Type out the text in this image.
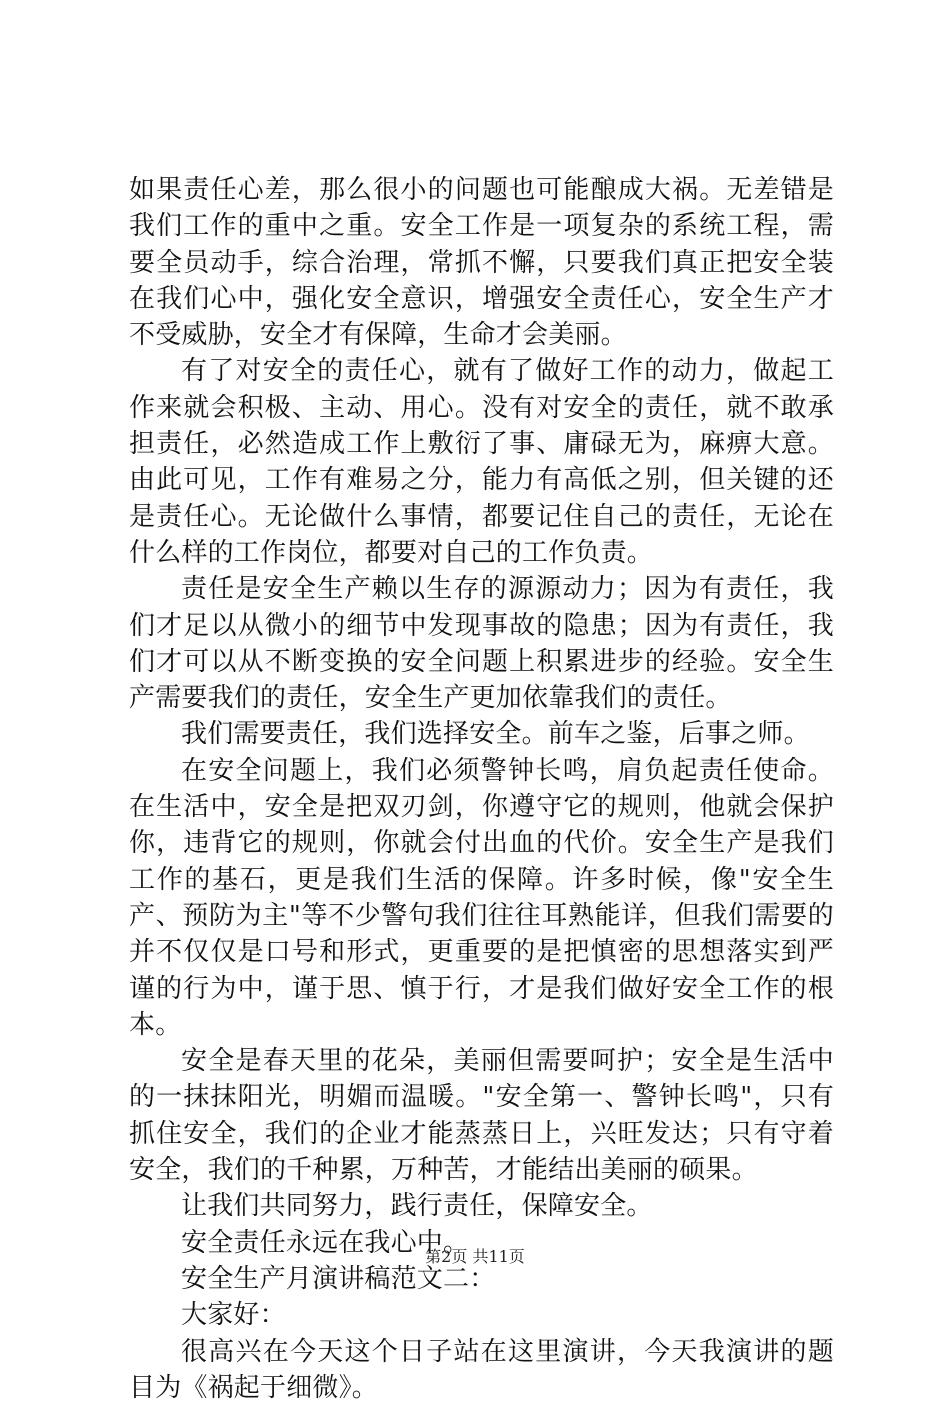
如果责任心差，那么很小的问题也可能酿成大祸。无差错是我们工作的重中之重。安全工作是一项复杂的系统工程，需要全员动手，综合治理，常抓不懈，只要我们真正把安全装在我们心中，强化安全意识，增强安全责任心，安全生产才不受威胁，安全才有保障，生命才会美丽。

有了对安全的责任心，就有了做好工作的动力，做起工作来就会积极、主动、用心。没有对安全的责任，就不敢承担责任，必然造成工作上敷衍了事、庸碌无为，麻痹大意。由此可见，工作有难易之分，能力有高低之别，但关键的还是责任心。无论做什么事情，都要记住自己的责任，无论在什么样的工作岗位，都要对自己的工作负责。

责任是安全生产赖以生存的源源动力；因为有责任，我们才足以从微小的细节中发现事故的隐患；因为有责任，我们才可以从不断变换的安全问题上积累进步的经验。安全生产需要我们的责任，安全生产更加依靠我们的责任。

我们需要责任，我们选择安全。前车之鉴，后事之师。

在安全问题上，我们必须警钟长鸣，肩负起责任使命。在生活中，安全是把双刃剑，你遵守它的规则，他就会保护你，违背它的规则，你就会付出血的代价。安全生产是我们工作的基石，更是我们生活的保障。许多时候，像"安全生产、预防为主"等不少警句我们往往耳熟能详，但我们需要的并不仅仅是口号和形式，更重要的是把慎密的思想落实到严谨的行为中，谨于思、慎于行，才是我们做好安全工作的根本。

安全是春天里的花朵，美丽但需要呵护；安全是生活中的一抹抹阳光，明媚而温暖。"安全第一、警钟长鸣"，只有抓住安全，我们的企业才能蒸蒸日上，兴旺发达；只有守着安全，我们的千种累，万种苦，才能结出美丽的硕果。

让我们共同努力，践行责任，保障安全。

安全责任永远在我心中。

安全生产月演讲稿范文二：

大家好：

很高兴在今天这个日子站在这里演讲，今天我演讲的题目为《祸起于细微》。

第2页 共11页
